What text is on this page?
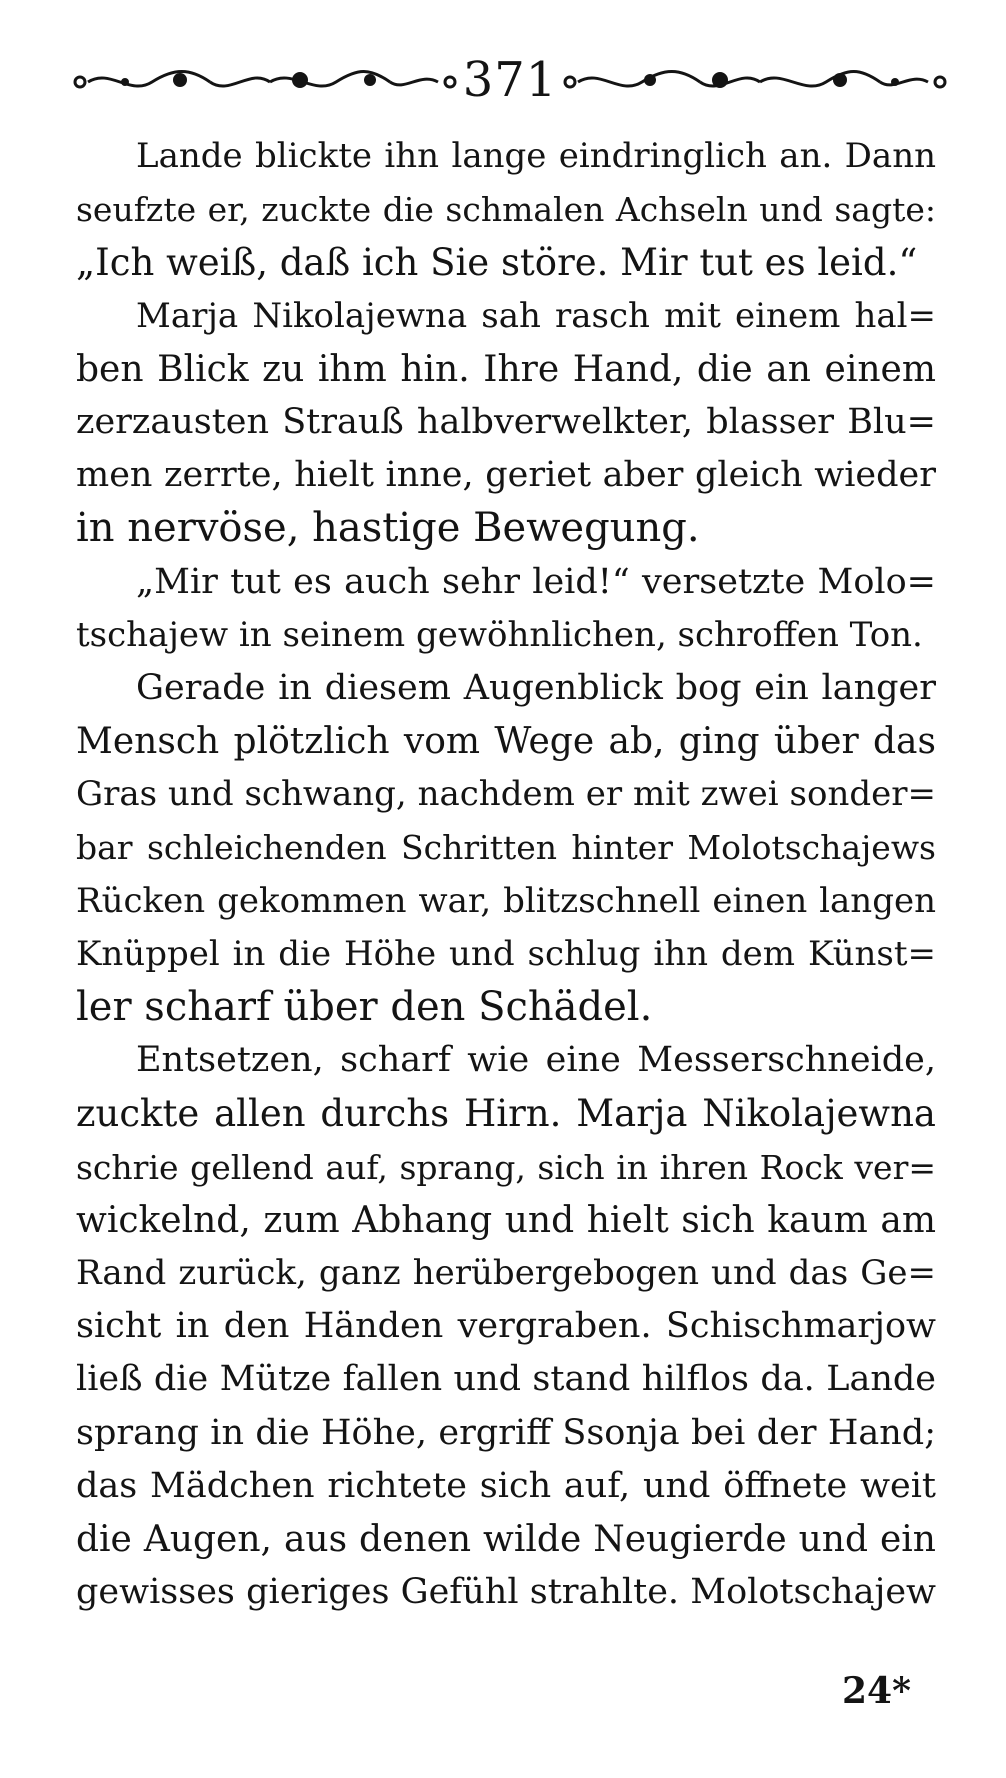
371
Lande blickte ihn lange eindringlich an. Dann
seufzte er, zuckte die schmalen Achseln und sagte:
„Ich weiß, daß ich Sie störe. Mir tut es leid.“
Marja Nikolajewna sah rasch mit einem hal=
ben Blick zu ihm hin. Ihre Hand, die an einem
zerzausten Strauß halbverwelkter, blasser Blu=
men zerrte, hielt inne, geriet aber gleich wieder
in nervöse, hastige Bewegung.
„Mir tut es auch sehr leid!“ versetzte Molo=
tschajew in seinem gewöhnlichen, schroffen Ton.
Gerade in diesem Augenblick bog ein langer
Mensch plötzlich vom Wege ab, ging über das
Gras und schwang, nachdem er mit zwei sonder=
bar schleichenden Schritten hinter Molotschajews
Rücken gekommen war, blitzschnell einen langen
Knüppel in die Höhe und schlug ihn dem Künst=
ler scharf über den Schädel.
Entsetzen, scharf wie eine Messerschneide,
zuckte allen durchs Hirn. Marja Nikolajewna
schrie gellend auf, sprang, sich in ihren Rock ver=
wickelnd, zum Abhang und hielt sich kaum am
Rand zurück, ganz herübergebogen und das Ge=
sicht in den Händen vergraben. Schischmarjow
ließ die Mütze fallen und stand hilflos da. Lande
sprang in die Höhe, ergriff Ssonja bei der Hand;
das Mädchen richtete sich auf, und öffnete weit
die Augen, aus denen wilde Neugierde und ein
gewisses gieriges Gefühl strahlte. Molotschajew
24*
